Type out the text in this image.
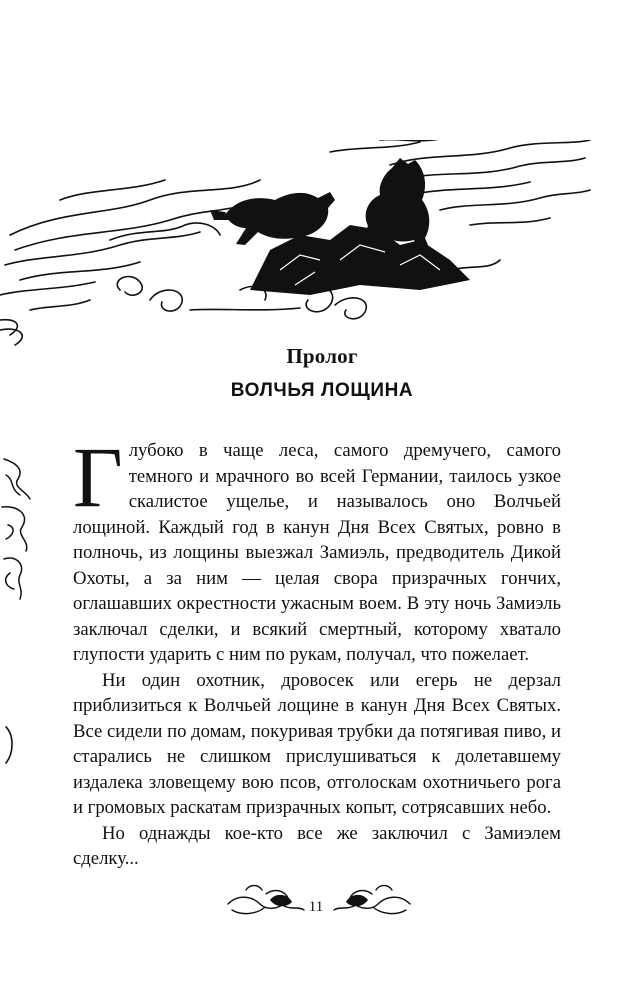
Пролог
ВОЛЧЬЯ ЛОЩИНА

Глубоко в чаще леса, самого дремучего, самого темного и мрачного во всей Германии, таилось узкое скалистое ущелье, и называлось оно Волчьей лощиной. Каждый год в канун Дня Всех Святых, ровно в полночь, из лощины выезжал Замиэль, предводитель Дикой Охоты, а за ним — целая свора призрачных гончих, оглашавших окрестности ужасным воем. В эту ночь Замиэль заключал сделки, и всякий смертный, которому хватало глупости ударить с ним по рукам, получал, что пожелает.

Ни один охотник, дровосек или егерь не дерзал приблизиться к Волчьей лощине в канун Дня Всех Святых. Все сидели по домам, покуривая трубки да потягивая пиво, и старались не слишком прислушиваться к долетавшему издалека зловещему вою псов, отголоскам охотничьего рога и громовых раскатам призрачных копыт, сотрясавших небо.

Но однажды кое-кто все же заключил с Замиэлем сделку...

11
